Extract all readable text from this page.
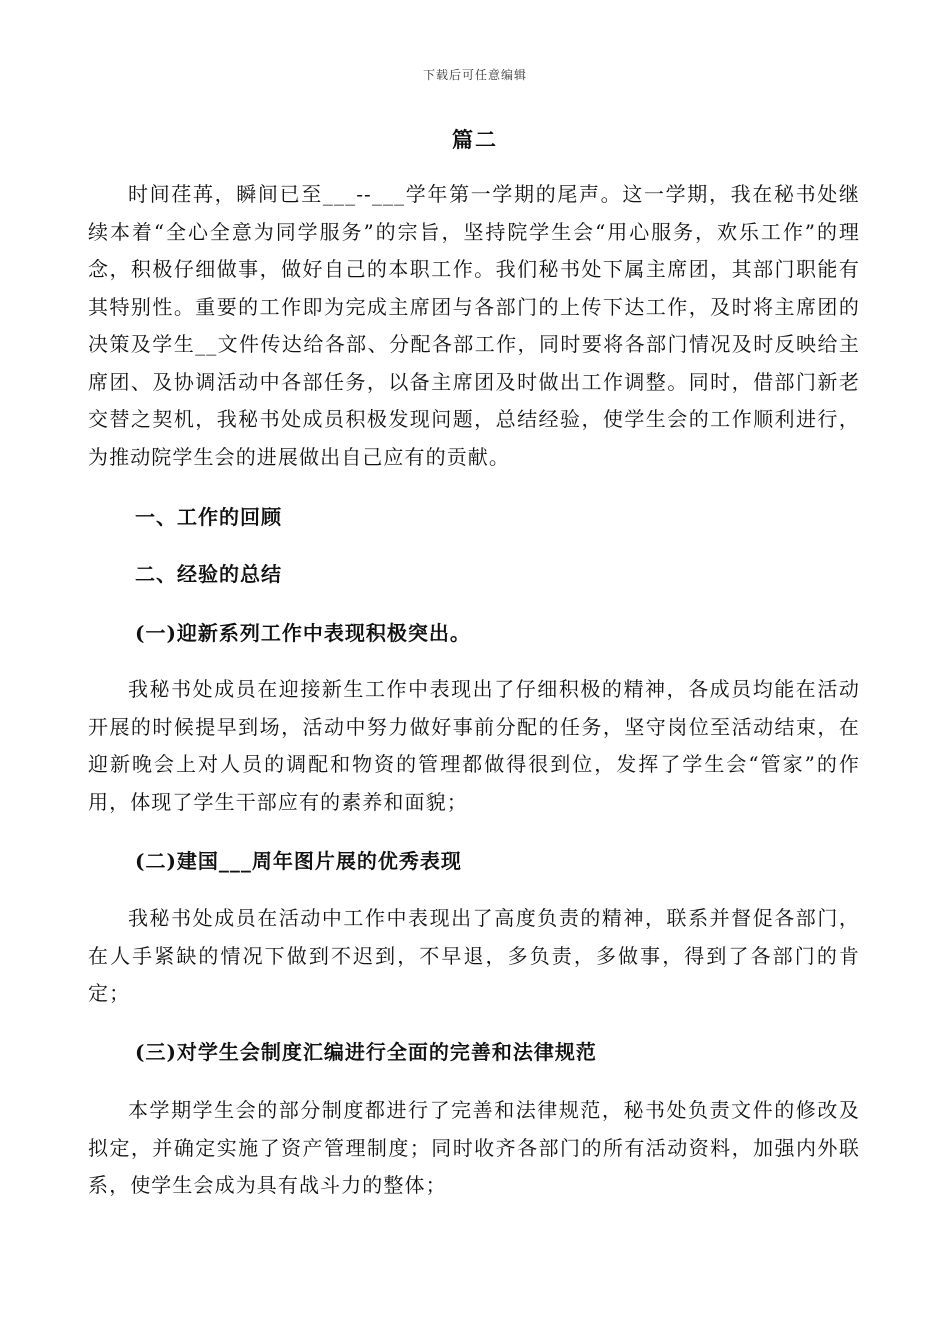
下载后可任意编辑
篇二

时间荏苒，瞬间已至___--___学年第一学期的尾声。这一学期，我在秘书处继续本着“全心全意为同学服务”的宗旨，坚持院学生会“用心服务，欢乐工作”的理念，积极仔细做事，做好自己的本职工作。我们秘书处下属主席团，其部门职能有其特别性。重要的工作即为完成主席团与各部门的上传下达工作，及时将主席团的决策及学生__文件传达给各部、分配各部工作，同时要将各部门情况及时反映给主席团、及协调活动中各部任务，以备主席团及时做出工作调整。同时，借部门新老交替之契机，我秘书处成员积极发现问题，总结经验，使学生会的工作顺利进行，为推动院学生会的进展做出自己应有的贡献。

一、工作的回顾

二、经验的总结

(一)迎新系列工作中表现积极突出。

我秘书处成员在迎接新生工作中表现出了仔细积极的精神，各成员均能在活动开展的时候提早到场，活动中努力做好事前分配的任务，坚守岗位至活动结束，在迎新晚会上对人员的调配和物资的管理都做得很到位，发挥了学生会“管家”的作用，体现了学生干部应有的素养和面貌；

(二)建国___周年图片展的优秀表现

我秘书处成员在活动中工作中表现出了高度负责的精神，联系并督促各部门，在人手紧缺的情况下做到不迟到，不早退，多负责，多做事，得到了各部门的肯定；

(三)对学生会制度汇编进行全面的完善和法律规范

本学期学生会的部分制度都进行了完善和法律规范，秘书处负责文件的修改及拟定，并确定实施了资产管理制度；同时收齐各部门的所有活动资料，加强内外联系，使学生会成为具有战斗力的整体；
